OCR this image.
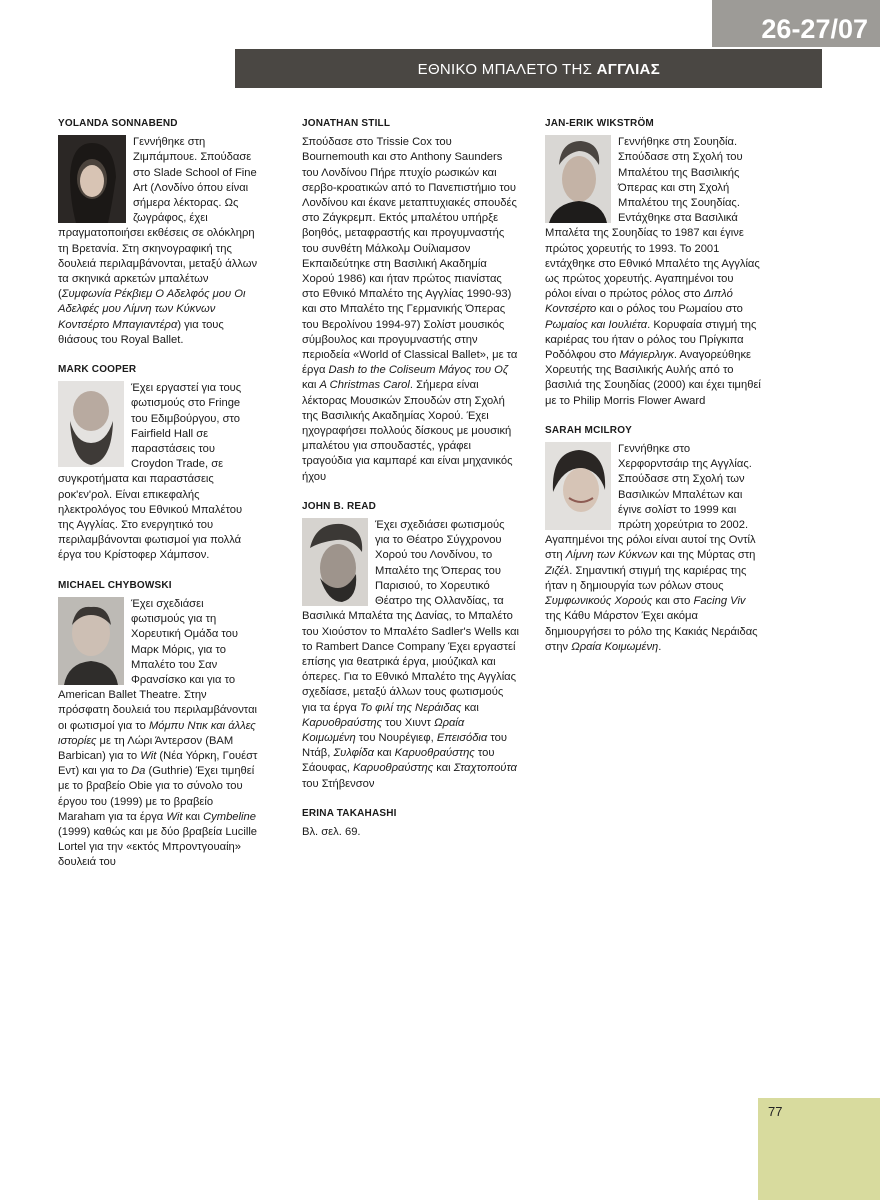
26-27/07
ΕΘΝΙΚΟ ΜΠΑΛΕΤΟ ΤΗΣ ΑΓΓΛΙΑΣ
YOLANDA SONNABEND

Γεννήθηκε στη Ζιμπάμπουε. Σπούδασε στο Slade School of Fine Art (Λονδίνο όπου είναι σήμερα λέκτορας. Ως ζωγράφος, έχει πραγματοποιήσει εκθέσεις σε ολόκληρη τη Βρετανία. Στη σκηνογραφική της δουλειά περιλαμβάνονται, μεταξύ άλλων τα σκηνικά αρκετών μπαλέτων (Συμφωνία Ρέκβιεμ Ο Αδελφός μου Οι Αδελφές μου Λίμνη των Κύκνων Κοντσέρτο Μπαγιαντέρα) για τους θιάσους του Royal Ballet.

MARK COOPER

Έχει εργαστεί για τους φωτισμούς στο Fringe του Εδιμβούργου, στο Fairfield Hall σε παραστάσεις του Croydon Trade, σε συγκροτήματα και παραστάσεις ροκ'εν'ρολ. Είναι επικεφαλής ηλεκτρολόγος του Εθνικού Μπαλέτου της Αγγλίας. Στο ενεργητικό του περιλαμβάνονται φωτισμοί για πολλά έργα του Κρίστοφερ Χάμπσον.

MICHAEL CHYBOWSKI

Έχει σχεδιάσει φωτισμούς για τη Χορευτική Ομάδα του Μαρκ Μόρις, για το Μπαλέτο του Σαν Φρανσίσκο και για το American Ballet Theatre. Στην πρόσφατη δουλειά του περιλαμβάνονται οι φωτισμοί για το Μόμπυ Ντικ και άλλες ιστορίες με τη Λώρι Άντερσον (BAM Barbican) για το Wit (Νέα Υόρκη, Γουέστ Εντ) και για το Da (Guthrie) Έχει τιμηθεί με το βραβείο Obie για το σύνολο του έργου του (1999) με το βραβείο Maraham για τα έργα Wit και Cymbeline (1999) καθώς και με δύο βραβεία Lucille Lortel για την «εκτός Μπροντγουαίη» δουλειά του

JONATHAN STILL

Σπούδασε στο Trissie Cox του Bournemouth και στο Anthony Saunders του Λονδίνου Πήρε πτυχίο ρωσικών και σερβο-κροατικών από το Πανεπιστήμιο του Λονδίνου και έκανε μεταπτυχιακές σπουδές στο Ζάγκρεμπ. Εκτός μπαλέτου υπήρξε βοηθός, μεταφραστής και προγυμναστής του συνθέτη Μάλκολμ Ουίλιαμσον Εκπαιδεύτηκε στη Βασιλική Ακαδημία Χορού 1986) και ήταν πρώτος πιανίστας στο Εθνικό Μπαλέτο της Αγγλίας 1990-93) και στο Μπαλέτο της Γερμανικής Όπερας του Βερολίνου 1994-97) Σολίστ μουσικός σύμβουλος και προγυμναστής στην περιοδεία «World of Classical Ballet», με τα έργα Dash to the Coliseum Μάγος του Οζ και A Christmas Carol. Σήμερα είναι λέκτορας Μουσικών Σπουδών στη Σχολή της Βασιλικής Ακαδημίας Χορού. Έχει ηχογραφήσει πολλούς δίσκους με μουσική μπαλέτου για σπουδαστές, γράφει τραγούδια για καμπαρέ και είναι μηχανικός ήχου

JOHN B. READ

Έχει σχεδιάσει φωτισμούς για το Θέατρο Σύγχρονου Χορού του Λονδίνου, το Μπαλέτο της Όπερας του Παρισιού, το Χορευτικό Θέατρο της Ολλανδίας, τα Βασιλικά Μπαλέτα της Δανίας, το Μπαλέτο του Χιούστον το Μπαλέτο Sadler's Wells και το Rambert Dance Company Έχει εργαστεί επίσης για θεατρικά έργα, μιούζικαλ και όπερες. Για το Εθνικό Μπαλέτο της Αγγλίας σχεδίασε, μεταξύ άλλων τους φωτισμούς για τα έργα Το φιλί της Νεράιδας και Καρυοθραύστης του Χιυντ Ωραία Κοιμωμένη του Νουρέγιεφ, Επεισόδια του Ντάβ, Συλφίδα και Καρυοθραύστης του Σάουφας, Καρυοθραύστης και Σταχτοπούτα του Στήβενσον

ERINA TAKAHASHI

Βλ. σελ. 69.

JAN-ERIK WIKSTRÖM

Γεννήθηκε στη Σουηδία. Σπούδασε στη Σχολή του Μπαλέτου της Βασιλικής Όπερας και στη Σχολή Μπαλέτου της Σουηδίας. Εντάχθηκε στα Βασιλικά Μπαλέτα της Σουηδίας το 1987 και έγινε πρώτος χορευτής το 1993. Το 2001 εντάχθηκε στο Εθνικό Μπαλέτο της Αγγλίας ως πρώτος χορευτής. Αγαπημένοι του ρόλοι είναι ο πρώτος ρόλος στο Διπλό Κοντσέρτο και ο ρόλος του Ρωμαίου στο Ρωμαίος και Ιουλιέτα. Κορυφαία στιγμή της καριέρας του ήταν ο ρόλος του Πρίγκιπα Ροδόλφου στο Μάγιερλιγκ. Αναγορεύθηκε Χορευτής της Βασιλικής Αυλής από το βασιλιά της Σουηδίας (2000) και έχει τιμηθεί με το Philip Morris Flower Award

SARAH MCILROY

Γεννήθηκε στο Χερφορντσάιρ της Αγγλίας. Σπούδασε στη Σχολή των Βασιλικών Μπαλέτων και έγινε σολίστ το 1999 και πρώτη χορεύτρια το 2002. Αγαπημένοι της ρόλοι είναι αυτοί της Οντίλ στη Λίμνη των Κύκνων και της Μύρτας στη Ζιζέλ. Σημαντική στιγμή της καριέρας της ήταν η δημιουργία των ρόλων στους Συμφωνικούς Χορούς και στο Facing Viv της Κάθυ Μάρστον Έχει ακόμα δημιουργήσει το ρόλο της Κακιάς Νεράιδας στην Ωραία Κοιμωμένη.

77
